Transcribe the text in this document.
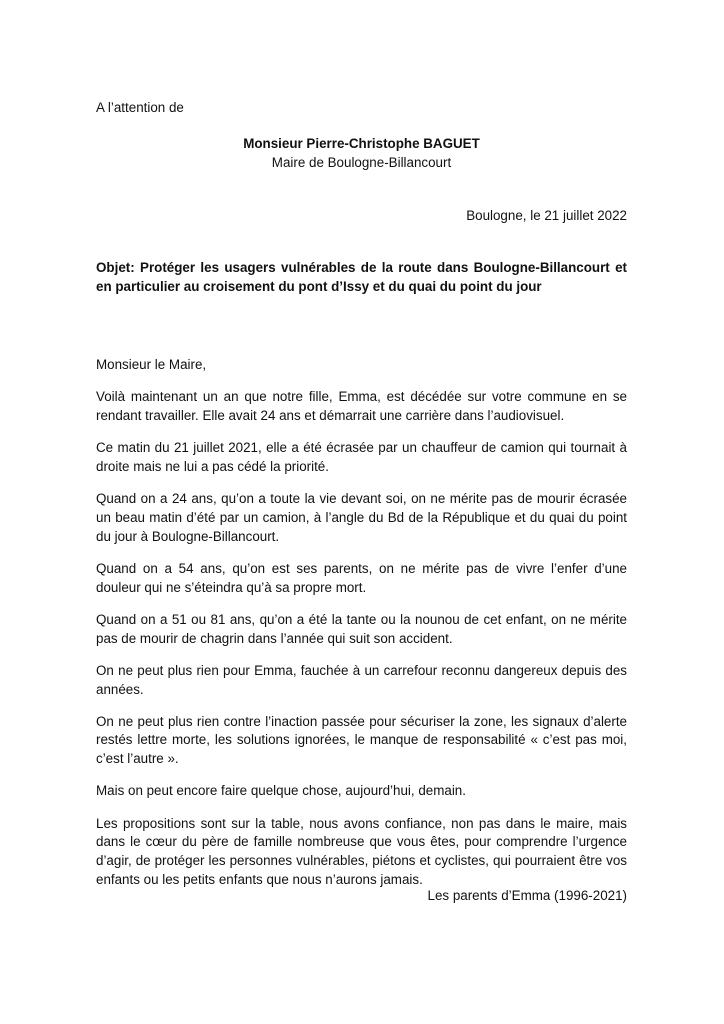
A l’attention de

Monsieur Pierre-Christophe BAGUET
Maire de Boulogne-Billancourt

Boulogne, le 21 juillet 2022

Objet: Protéger les usagers vulnérables de la route dans Boulogne-Billancourt et en particulier au croisement du pont d’Issy et du quai du point du jour

Monsieur le Maire,

Voilà maintenant un an que notre fille, Emma, est décédée sur votre commune en se rendant travailler. Elle avait 24 ans et démarrait une carrière dans l’audiovisuel.

Ce matin du 21 juillet 2021, elle a été écrasée par un chauffeur de camion qui tournait à droite mais ne lui a pas cédé la priorité.

Quand on a 24 ans, qu’on a toute la vie devant soi, on ne mérite pas de mourir écrasée un beau matin d’été par un camion, à l’angle du Bd de la République et du quai du point du jour à Boulogne-Billancourt.

Quand on a 54 ans, qu’on est ses parents, on ne mérite pas de vivre l’enfer d’une douleur qui ne s’éteindra qu’à sa propre mort.

Quand on a 51 ou 81 ans, qu’on a été la tante ou la nounou de cet enfant, on ne mérite pas de mourir de chagrin dans l’année qui suit son accident.

On ne peut plus rien pour Emma, fauchée à un carrefour reconnu dangereux depuis des années.

On ne peut plus rien contre l’inaction passée pour sécuriser la zone, les signaux d’alerte restés lettre morte, les solutions ignorées, le manque de responsabilité « c’est pas moi, c’est l’autre ».

Mais on peut encore faire quelque chose, aujourd’hui, demain.

Les propositions sont sur la table, nous avons confiance, non pas dans le maire, mais dans le cœur du père de famille nombreuse que vous êtes, pour comprendre l’urgence d’agir, de protéger les personnes vulnérables, piétons et cyclistes, qui pourraient être vos enfants ou les petits enfants que nous n’aurons jamais.

Les parents d’Emma (1996-2021)
